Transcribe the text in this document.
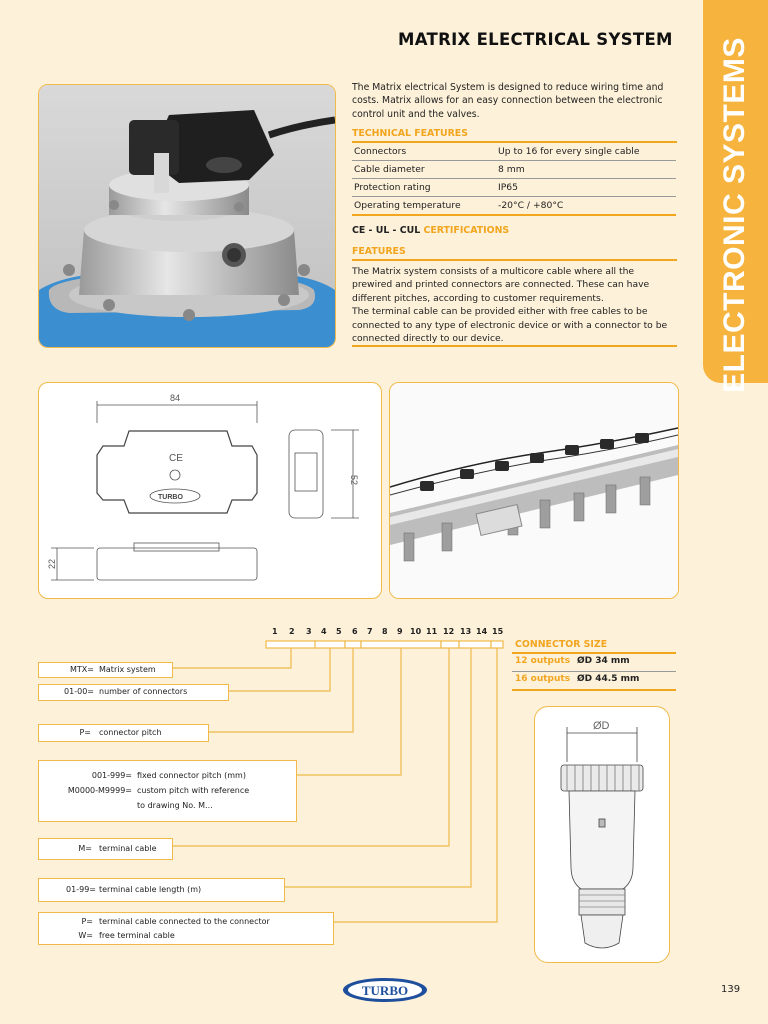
MATRIX ELECTRICAL SYSTEM ELECTRONIC SYSTEMS
The Matrix electrical System is designed to reduce wiring time and costs. Matrix allows for an easy connection between the electronic control unit and the valves.
TECHNICAL FEATURES
Connectors	Up to 16 for every single cable
Cable diameter	8 mm
Protection rating	IP65
Operating temperature	-20°C / +80°C
CE - UL - CUL CERTIFICATIONS
FEATURES
The Matrix system consists of a multicore cable where all the prewired and printed connectors are connected. These can have different pitches, according to customer requirements.
The terminal cable can be provided either with free cables to be connected to any type of electronic device or with a connector to be connected directly to our device.
84
52
22
CE
TURBO
1 2 3 4 5 6 7 8 9 10 11 12 13 14 15
MTX= Matrix system
01-00= number of connectors
P= connector pitch
001-999= fixed connector pitch (mm)
M0000-M9999= custom pitch with reference
to drawing No. M...
M= terminal cable
01-99= terminal cable length (m)
P= terminal cable connected to the connector
W= free terminal cable
CONNECTOR SIZE
12 outputs ØD 34 mm
16 outputs ØD 44.5 mm
ØD
TURBO	139
